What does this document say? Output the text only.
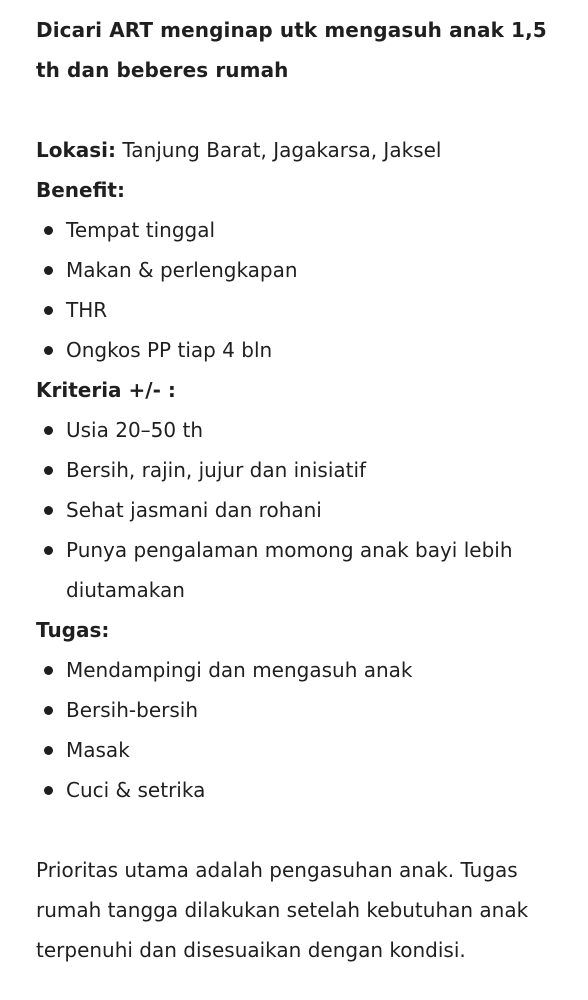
Dicari ART menginap utk mengasuh anak 1,5 th dan beberes rumah

Lokasi: Tanjung Barat, Jagakarsa, Jaksel

Benefit:

Tempat tinggal
Makan & perlengkapan
THR
Ongkos PP tiap 4 bln

Kriteria +/- :

Usia 20–50 th
Bersih, rajin, jujur dan inisiatif
Sehat jasmani dan rohani
Punya pengalaman momong anak bayi lebih diutamakan

Tugas:

Mendampingi dan mengasuh anak
Bersih-bersih
Masak
Cuci & setrika

Prioritas utama adalah pengasuhan anak. Tugas rumah tangga dilakukan setelah kebutuhan anak terpenuhi dan disesuaikan dengan kondisi.
